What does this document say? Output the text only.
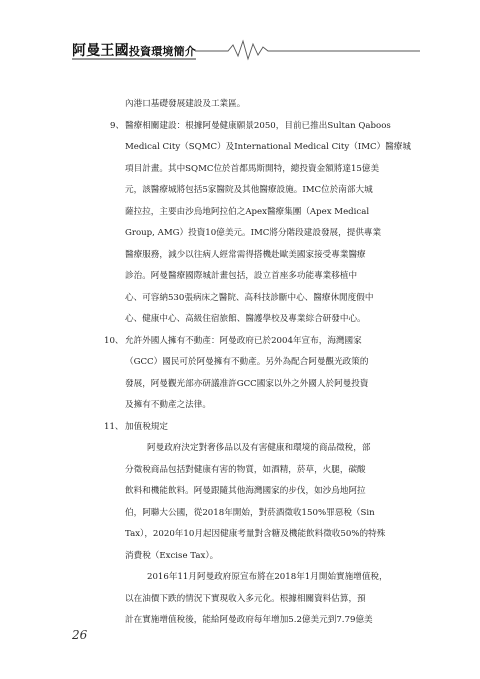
阿曼王國投資環境簡介
內港口基礎發展建設及工業區。
9、醫療相關建設：根據阿曼健康願景2050，目前已推出Sultan Qaboos
Medical City（SQMC）及International Medical City（IMC）醫療城
項目計畫。其中SQMC位於首都馬斯開特，總投資金額將達15億美
元，該醫療城將包括5家醫院及其他醫療設施。IMC位於南部大城
薩拉拉，主要由沙烏地阿拉伯之Apex醫療集團（Apex Medical
Group, AMG）投資10億美元。IMC將分階段建設發展，提供專業
醫療服務，減少以往病人經常需得搭機赴歐美國家接受專業醫療
診治。阿曼醫療國際城計畫包括，設立首座多功能專業移植中
心、可容納530張病床之醫院、高科技診斷中心、醫療休閒度假中
心、健康中心、高級住宿旅館、醫護學校及專業綜合研發中心。
10、允許外國人擁有不動產：阿曼政府已於2004年宣布，海灣國家
（GCC）國民可於阿曼擁有不動產。另外為配合阿曼觀光政策的
發展，阿曼觀光部亦研議准許GCC國家以外之外國人於阿曼投資
及擁有不動產之法律。
11、加值稅規定
阿曼政府決定對奢侈品以及有害健康和環境的商品徵稅，部
分徵稅商品包括對健康有害的物質，如酒精，菸草，火腿，碳酸
飲料和機能飲料。阿曼跟隨其他海灣國家的步伐，如沙烏地阿拉
伯，阿聯大公國，從2018年開始，對菸酒徵收150%罪惡稅（Sin
Tax），2020年10月起因健康考量對含糖及機能飲料徵收50%的特殊
消費稅（Excise Tax）。
2016年11月阿曼政府原宣布將在2018年1月開始實施增值稅，
以在油價下跌的情況下實現收入多元化。根據相關資料估算，預
計在實施增值稅後，能給阿曼政府每年增加5.2億美元到7.79億美
26
